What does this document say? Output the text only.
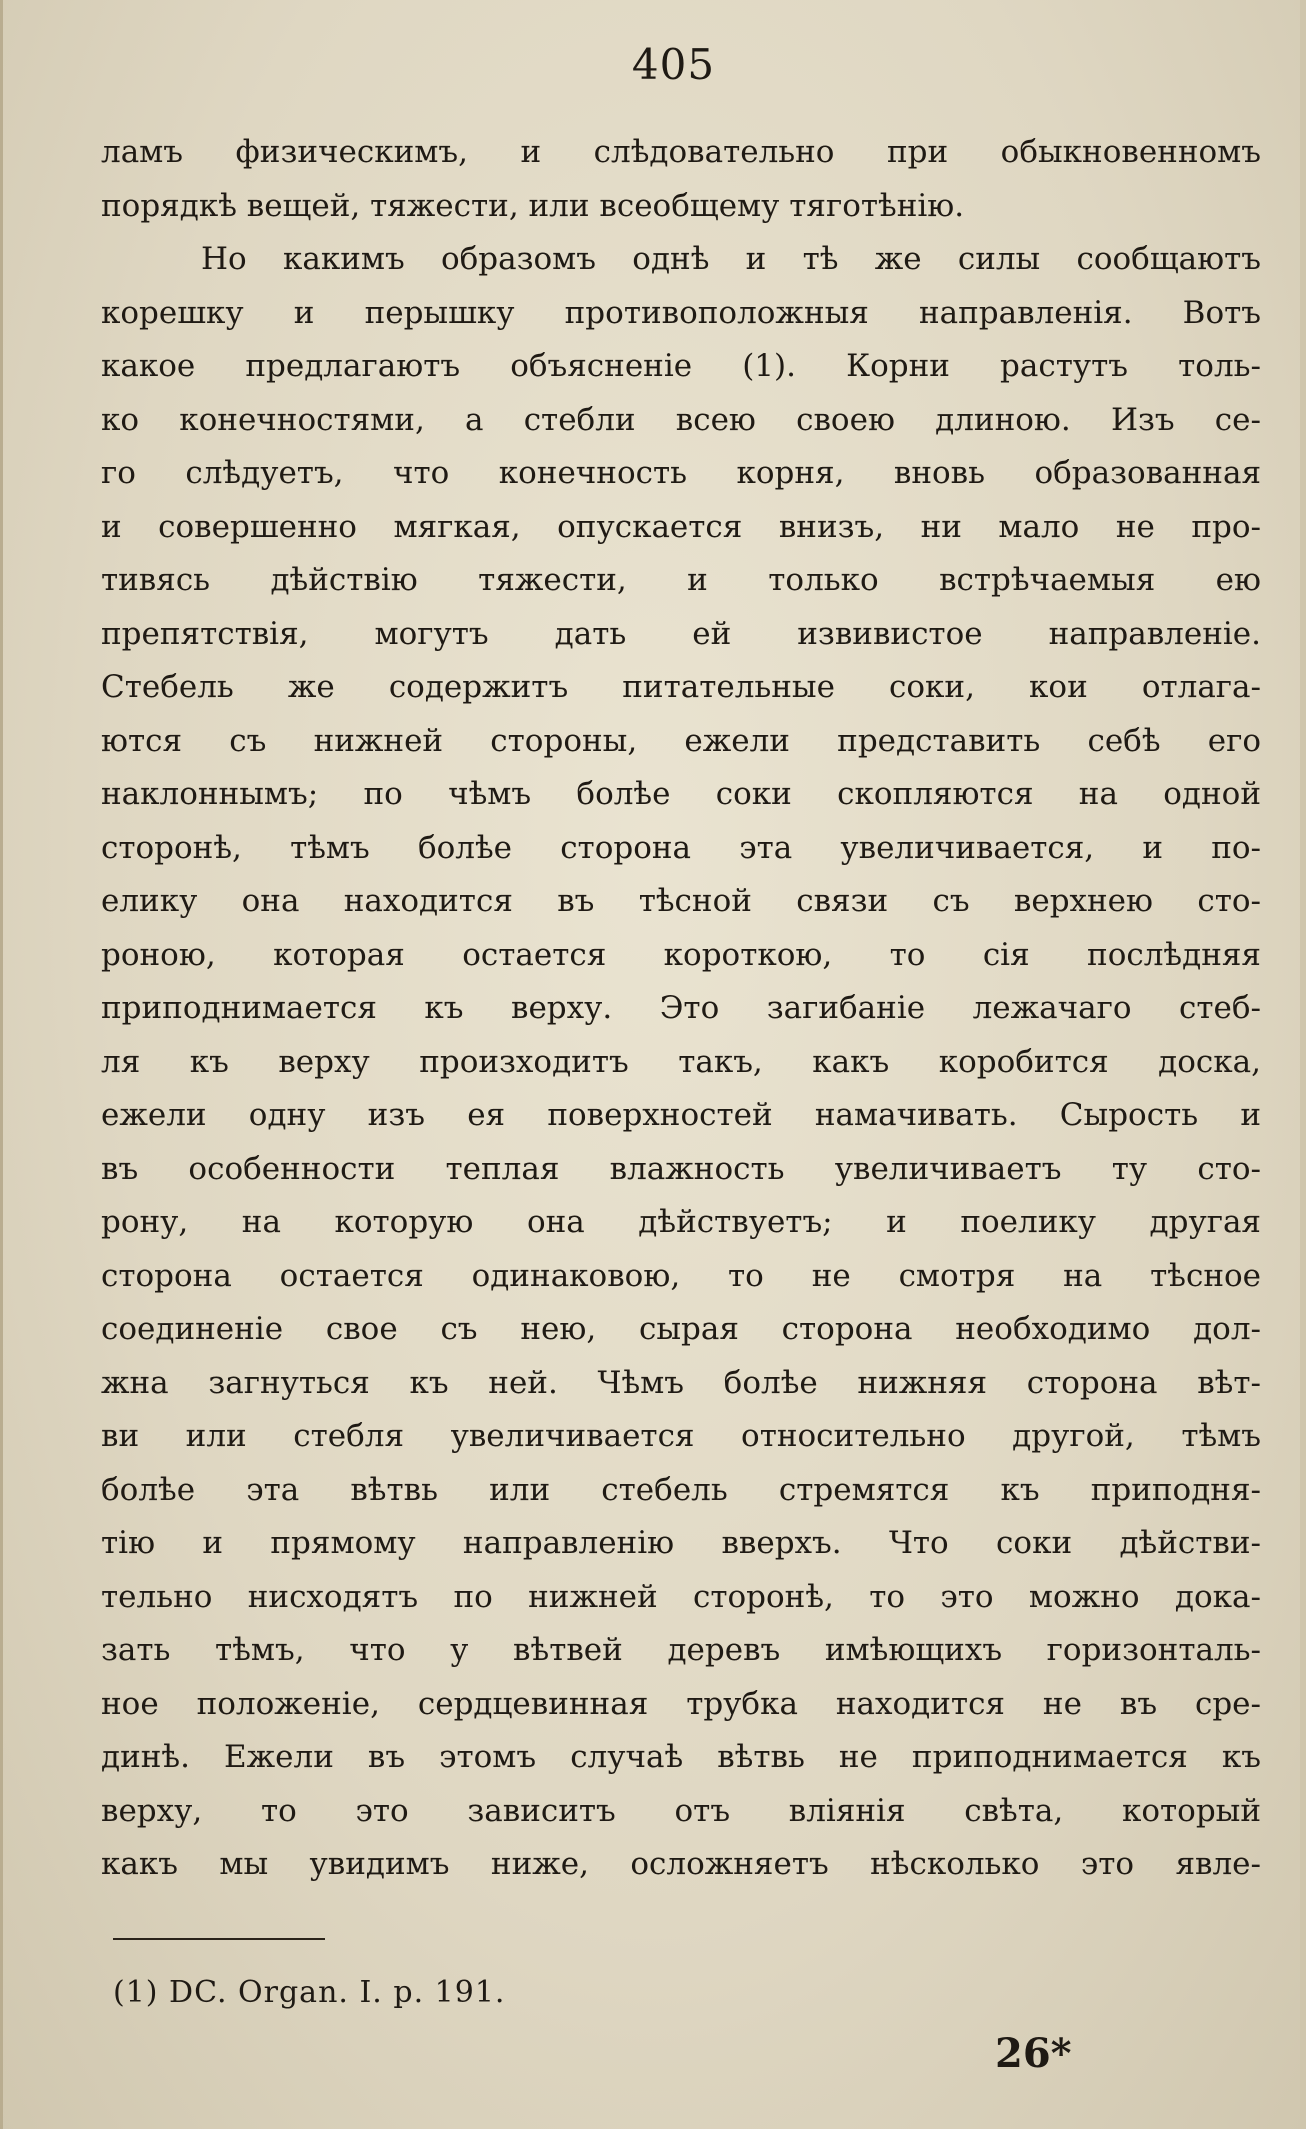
405
ламъ физическимъ, и слѣдовательно при обыкновенномъ
порядкѣ вещей, тяжести, или всеобщему тяготѣнію.
Но какимъ образомъ однѣ и тѣ же силы сообщаютъ
корешку и перышку противоположныя направленія. Вотъ
какое предлагаютъ объясненіе (1). Корни растутъ толь-
ко конечностями, а стебли всею своею длиною. Изъ се-
го слѣдуетъ, что конечность корня, вновь образованная
и совершенно мягкая, опускается внизъ, ни мало не про-
тивясь дѣйствію тяжести, и только встрѣчаемыя ею
препятствія, могутъ дать ей извивистое направленіе.
Стебель же содержитъ питательные соки, кои отлага-
ются съ нижней стороны, ежели представить себѣ его
наклоннымъ; по чѣмъ болѣе соки скопляются на одной
сторонѣ, тѣмъ болѣе сторона эта увеличивается, и по-
елику она находится въ тѣсной связи съ верхнею сто-
роною, которая остается короткою, то сія послѣдняя
приподнимается къ верху. Это загибаніе лежачаго стеб-
ля къ верху произходитъ такъ, какъ коробится доска,
ежели одну изъ ея поверхностей намачивать. Сырость и
въ особенности теплая влажность увеличиваетъ ту сто-
рону, на которую она дѣйствуетъ; и поелику другая
сторона остается одинаковою, то не смотря на тѣсное
соединеніе свое съ нею, сырая сторона необходимо дол-
жна загнуться къ ней. Чѣмъ болѣе нижняя сторона вѣт-
ви или стебля увеличивается относительно другой, тѣмъ
болѣе эта вѣтвь или стебель стремятся къ приподня-
тію и прямому направленію вверхъ. Что соки дѣйстви-
тельно нисходятъ по нижней сторонѣ, то это можно дока-
зать тѣмъ, что у вѣтвей деревъ имѣющихъ горизонталь-
ное положеніе, сердцевинная трубка находится не въ сре-
динѣ. Ежели въ этомъ случаѣ вѣтвь не приподнимается къ
верху, то это зависитъ отъ вліянія свѣта, который
какъ мы увидимъ ниже, осложняетъ нѣсколько это явле-
(1) DC. Organ. I. p. 191.
26*
